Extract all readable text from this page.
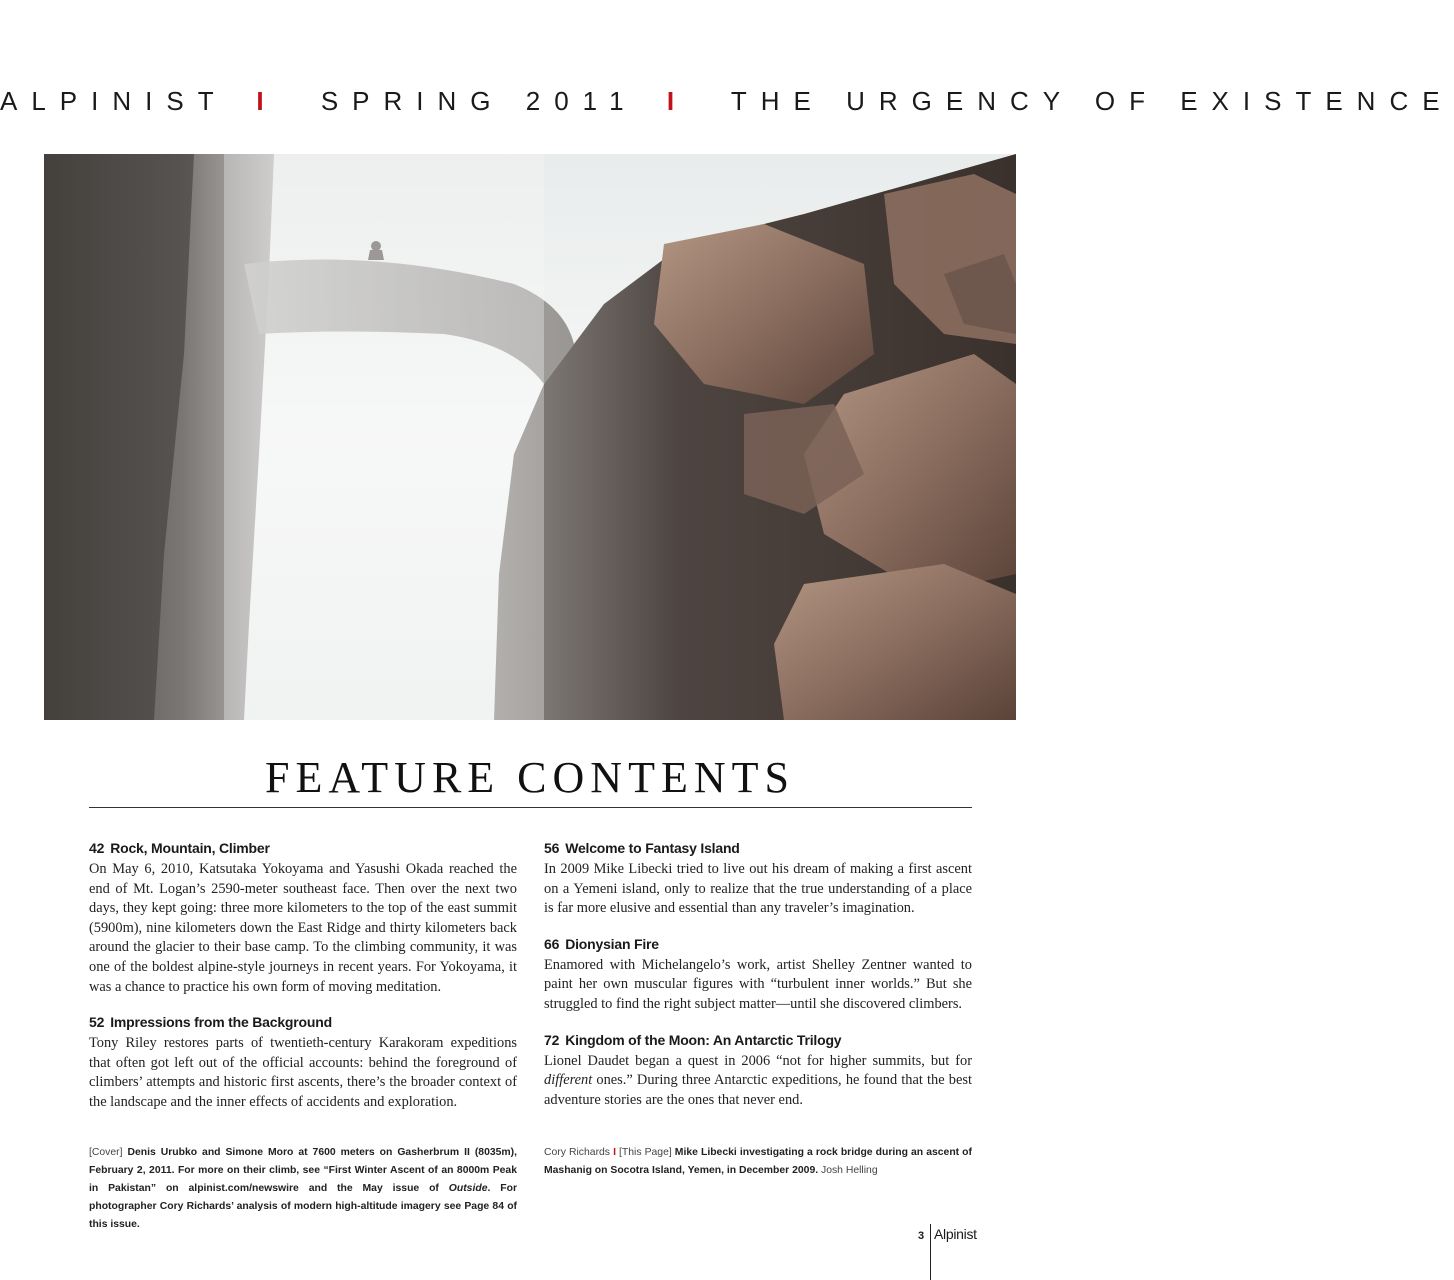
ALPINIST I SPRING 2011 I THE URGENCY OF EXISTENCE
FEATURE CONTENTS
42 Rock, Mountain, Climber

On May 6, 2010, Katsutaka Yokoyama and Yasushi Okada reached the end of Mt. Logan’s 2590-meter southeast face. Then over the next two days, they kept going: three more kilometers to the top of the east summit (5900m), nine kilometers down the East Ridge and thirty kilometers back around the glacier to their base camp. To the climbing community, it was one of the boldest alpine-style journeys in recent years. For Yokoyama, it was a chance to practice his own form of moving meditation.

52 Impressions from the Background

Tony Riley restores parts of twentieth-century Karakoram expeditions that often got left out of the official accounts: behind the foreground of climbers’ attempts and historic first ascents, there’s the broader context of the landscape and the inner effects of accidents and exploration.

56 Welcome to Fantasy Island

In 2009 Mike Libecki tried to live out his dream of making a first ascent on a Yemeni island, only to realize that the true understanding of a place is far more elusive and essential than any traveler’s imagination.

66 Dionysian Fire

Enamored with Michelangelo’s work, artist Shelley Zentner wanted to paint her own muscular figures with “turbulent inner worlds.” But she struggled to find the right subject matter—until she discovered climbers.

72 Kingdom of the Moon: An Antarctic Trilogy

Lionel Daudet began a quest in 2006 “not for higher summits, but for different ones.” During three Antarctic expeditions, he found that the best adventure stories are the ones that never end.

[Cover] Denis Urubko and Simone Moro at 7600 meters on Gasherbrum II (8035m), February 2, 2011. For more on their climb, see “First Winter Ascent of an 8000m Peak in Pakistan” on alpinist.com/newswire and the May issue of Outside. For photographer Cory Richards’ analysis of modern high-altitude imagery see Page 84 of this issue.
Cory Richards I [This Page] Mike Libecki investigating a rock bridge during an ascent of Mashanig on Socotra Island, Yemen, in December 2009. Josh Helling
3 Alpinist
